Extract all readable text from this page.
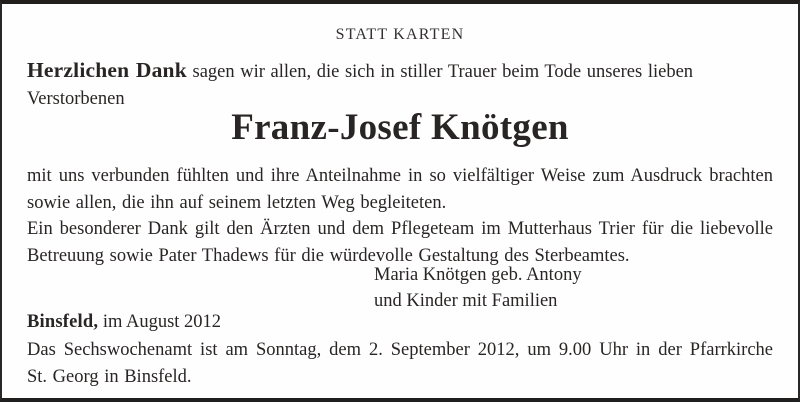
STATT KARTEN
Herzlichen Dank sagen wir allen, die sich in stiller Trauer beim Tode unseres lieben Verstorbenen
Franz-Josef Knötgen
mit uns verbunden fühlten und ihre Anteilnahme in so vielfältiger Weise zum Ausdruck brachten
sowie allen, die ihn auf seinem letzten Weg begleiteten.
Ein besonderer Dank gilt den Ärzten und dem Pflegeteam im Mutterhaus Trier für die liebevolle
Betreuung sowie Pater Thadews für die würdevolle Gestaltung des Sterbeamtes.
Maria Knötgen geb. Antony
und Kinder mit Familien
Binsfeld, im August 2012
Das Sechswochenamt ist am Sonntag, dem 2. September 2012, um 9.00 Uhr in der Pfarrkirche
St. Georg in Binsfeld.
